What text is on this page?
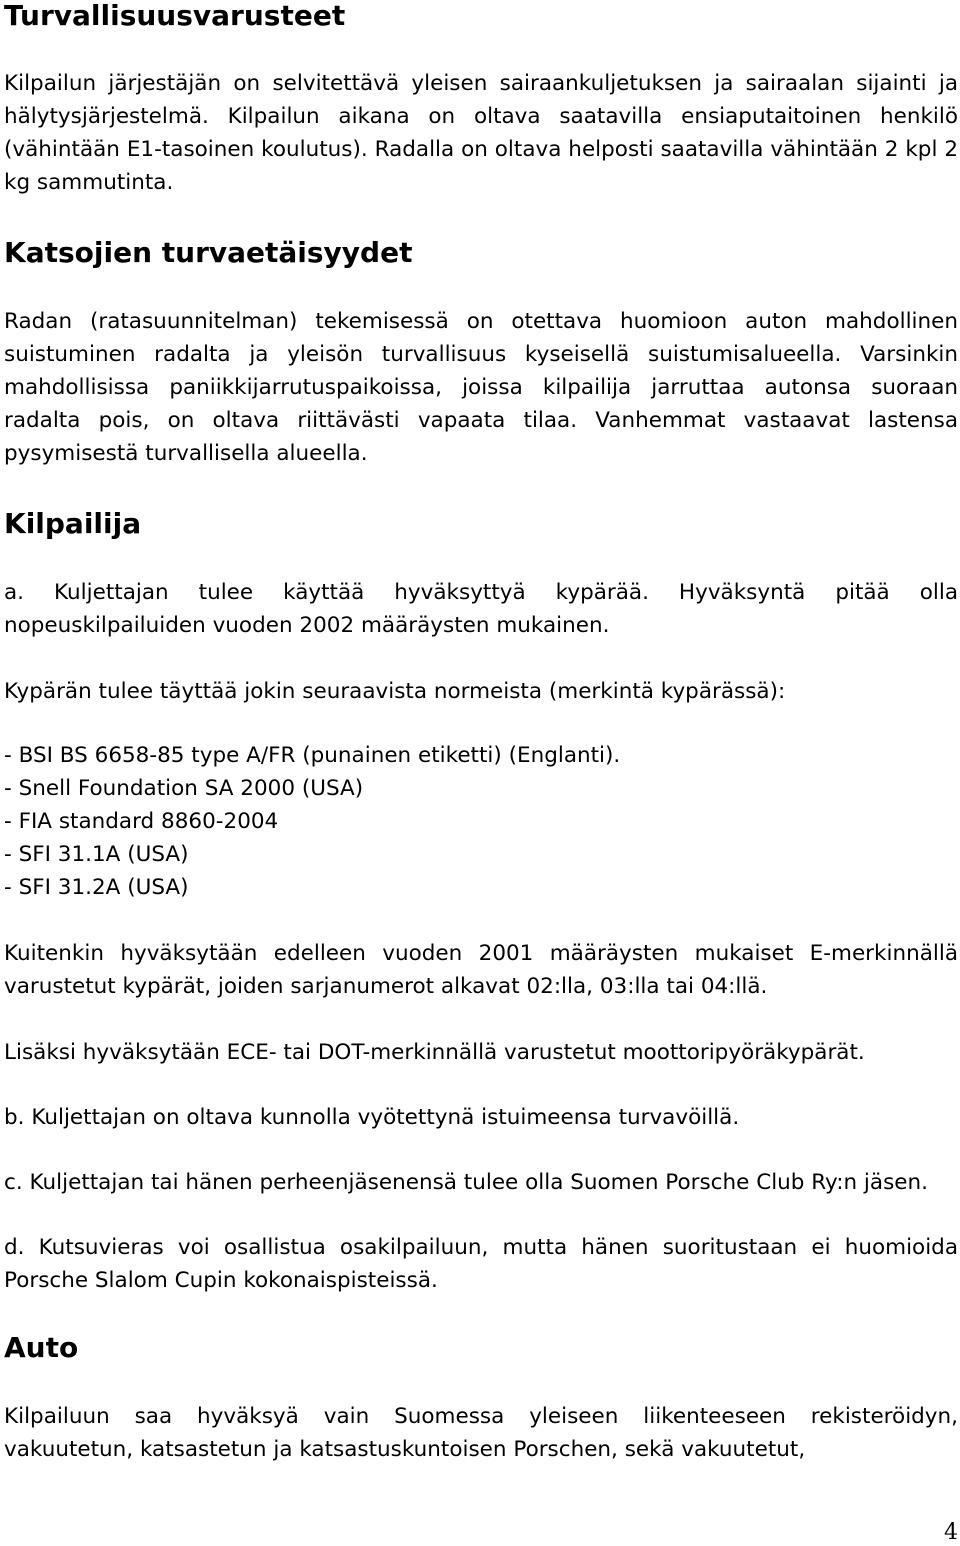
Turvallisuusvarusteet

Kilpailun järjestäjän on selvitettävä yleisen sairaankuljetuksen ja sairaalan sijainti ja hälytysjärjestelmä. Kilpailun aikana on oltava saatavilla ensiaputaitoinen henkilö (vähintään E1-tasoinen koulutus). Radalla on oltava helposti saatavilla vähintään 2 kpl 2 kg sammutinta.

Katsojien turvaetäisyydet

Radan (ratasuunnitelman) tekemisessä on otettava huomioon auton mahdollinen suistuminen radalta ja yleisön turvallisuus kyseisellä suistumisalueella. Varsinkin mahdollisissa paniikkijarrutuspaikoissa, joissa kilpailija jarruttaa autonsa suoraan radalta pois, on oltava riittävästi vapaata tilaa. Vanhemmat vastaavat lastensa pysymisestä turvallisella alueella.

Kilpailija

a. Kuljettajan tulee käyttää hyväksyttyä kypärää. Hyväksyntä pitää olla nopeuskilpailuiden vuoden 2002 määräysten mukainen.

Kypärän tulee täyttää jokin seuraavista normeista (merkintä kypärässä):

- BSI BS 6658-85 type A/FR (punainen etiketti) (Englanti).

- Snell Foundation SA 2000 (USA)

- FIA standard 8860-2004

- SFI 31.1A (USA)

- SFI 31.2A (USA)

Kuitenkin hyväksytään edelleen vuoden 2001 määräysten mukaiset E-merkinnällä varustetut kypärät, joiden sarjanumerot alkavat 02:lla, 03:lla tai 04:llä.

Lisäksi hyväksytään ECE- tai DOT-merkinnällä varustetut moottoripyöräkypärät.

b. Kuljettajan on oltava kunnolla vyötettynä istuimeensa turvavöillä.

c. Kuljettajan tai hänen perheenjäsenensä tulee olla Suomen Porsche Club Ry:n jäsen.

d. Kutsuvieras voi osallistua osakilpailuun, mutta hänen suoritustaan ei huomioida Porsche Slalom Cupin kokonaispisteissä.

Auto

Kilpailuun saa hyväksyä vain Suomessa yleiseen liikenteeseen rekisteröidyn, vakuutetun, katsastetun ja katsastuskuntoisen Porschen, sekä vakuutetut,

4
